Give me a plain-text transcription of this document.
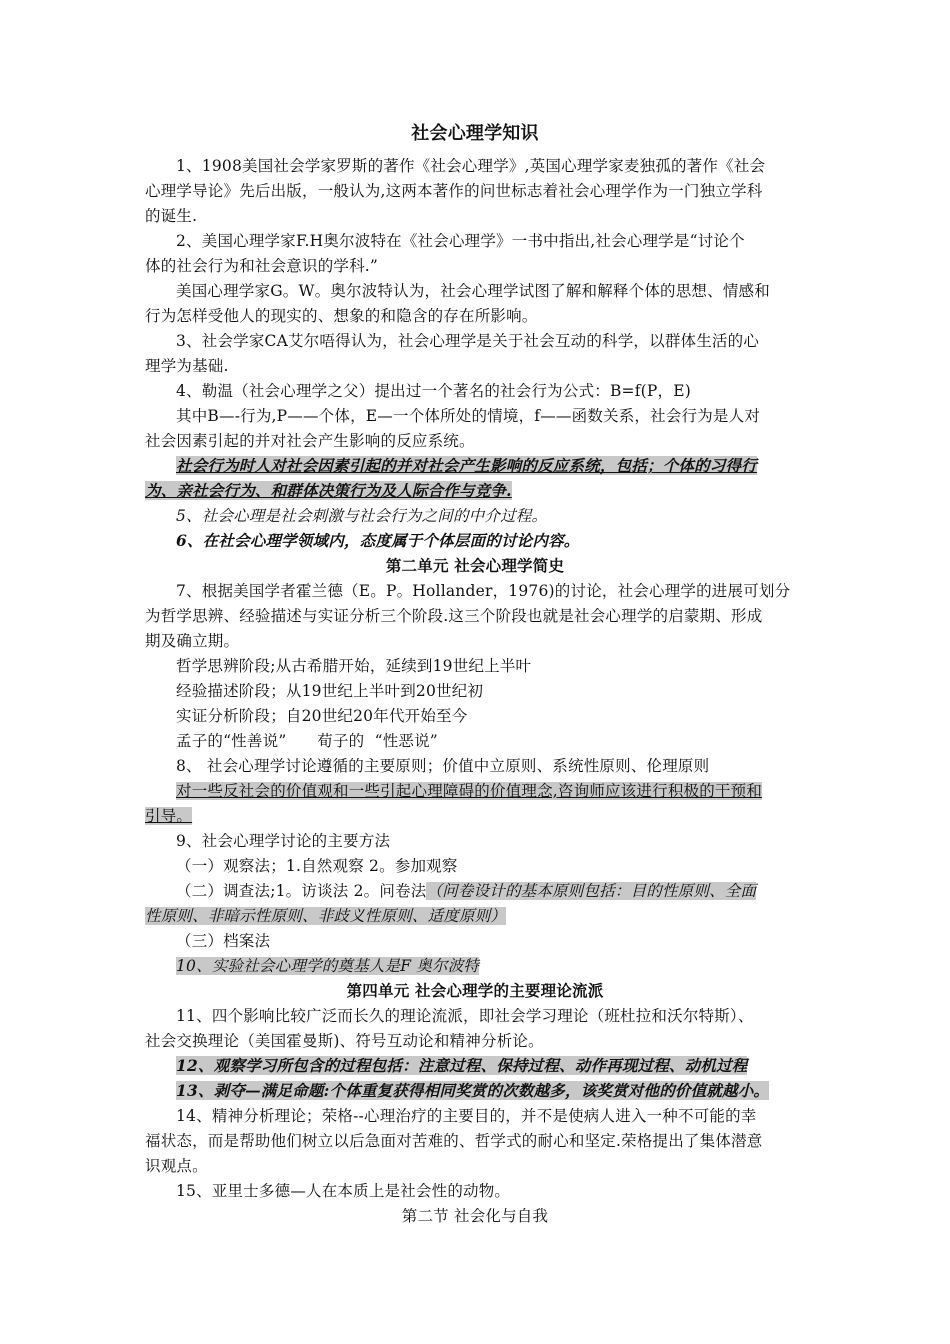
社会心理学知识
1、1908美国社会学家罗斯的著作《社会心理学》,英国心理学家麦独孤的著作《社会
心理学导论》先后出版，一般认为,这两本著作的问世标志着社会心理学作为一门独立学科
的诞生.
2、美国心理学家F.H奥尔波特在《社会心理学》一书中指出,社会心理学是“讨论个
体的社会行为和社会意识的学科.”
美国心理学家G。W。奥尔波特认为，社会心理学试图了解和解释个体的思想、情感和
行为怎样受他人的现实的、想象的和隐含的存在所影响。
3、社会学家CA艾尔唔得认为，社会心理学是关于社会互动的科学，以群体生活的心
理学为基础.
4、勒温（社会心理学之父）提出过一个著名的社会行为公式：B=f(P，E)
其中B—-行为,P——个体，E—一个体所处的情境，f——函数关系，社会行为是人对
社会因素引起的并对社会产生影响的反应系统。
社会行为时人对社会因素引起的并对社会产生影响的反应系统，包括；个体的习得行
为、亲社会行为、和群体决策行为及人际合作与竞争.
5、社会心理是社会刺激与社会行为之间的中介过程。
6、在社会心理学领域内，态度属于个体层面的讨论内容。
第二单元 社会心理学简史
7、根据美国学者霍兰德（E。P。Hollander，1976)的讨论，社会心理学的进展可划分
为哲学思辨、经验描述与实证分析三个阶段.这三个阶段也就是社会心理学的启蒙期、形成
期及确立期。
哲学思辨阶段;从古希腊开始，延续到19世纪上半叶
经验描述阶段；从19世纪上半叶到20世纪初
实证分析阶段；自20世纪20年代开始至今
孟子的“性善说”      荀子的  “性恶说”
8、 社会心理学讨论遵循的主要原则；价值中立原则、系统性原则、伦理原则
对一些反社会的价值观和一些引起心理障碍的价值理念,咨询师应该进行积极的干预和
引导。
9、社会心理学讨论的主要方法
（一）观察法；1.自然观察 2。参加观察
（二）调查法;1。访谈法 2。问卷法（问卷设计的基本原则包括：目的性原则、全面
性原则、非暗示性原则、非歧义性原则、适度原则）
（三）档案法
10、实验社会心理学的奠基人是F 奥尔波特
第四单元 社会心理学的主要理论流派
11、四个影响比较广泛而长久的理论流派，即社会学习理论（班杜拉和沃尔特斯）、
社会交换理论（美国霍曼斯)、符号互动论和精神分析论。
12、观察学习所包含的过程包括：注意过程、保持过程、动作再现过程、动机过程
13、剥夺—满足命题:个体重复获得相同奖赏的次数越多，该奖赏对他的价值就越小。
14、精神分析理论；荣格--心理治疗的主要目的，并不是使病人进入一种不可能的幸
福状态，而是帮助他们树立以后急面对苦难的、哲学式的耐心和坚定.荣格提出了集体潜意
识观点。
15、亚里士多德—人在本质上是社会性的动物。
第二节 社会化与自我
